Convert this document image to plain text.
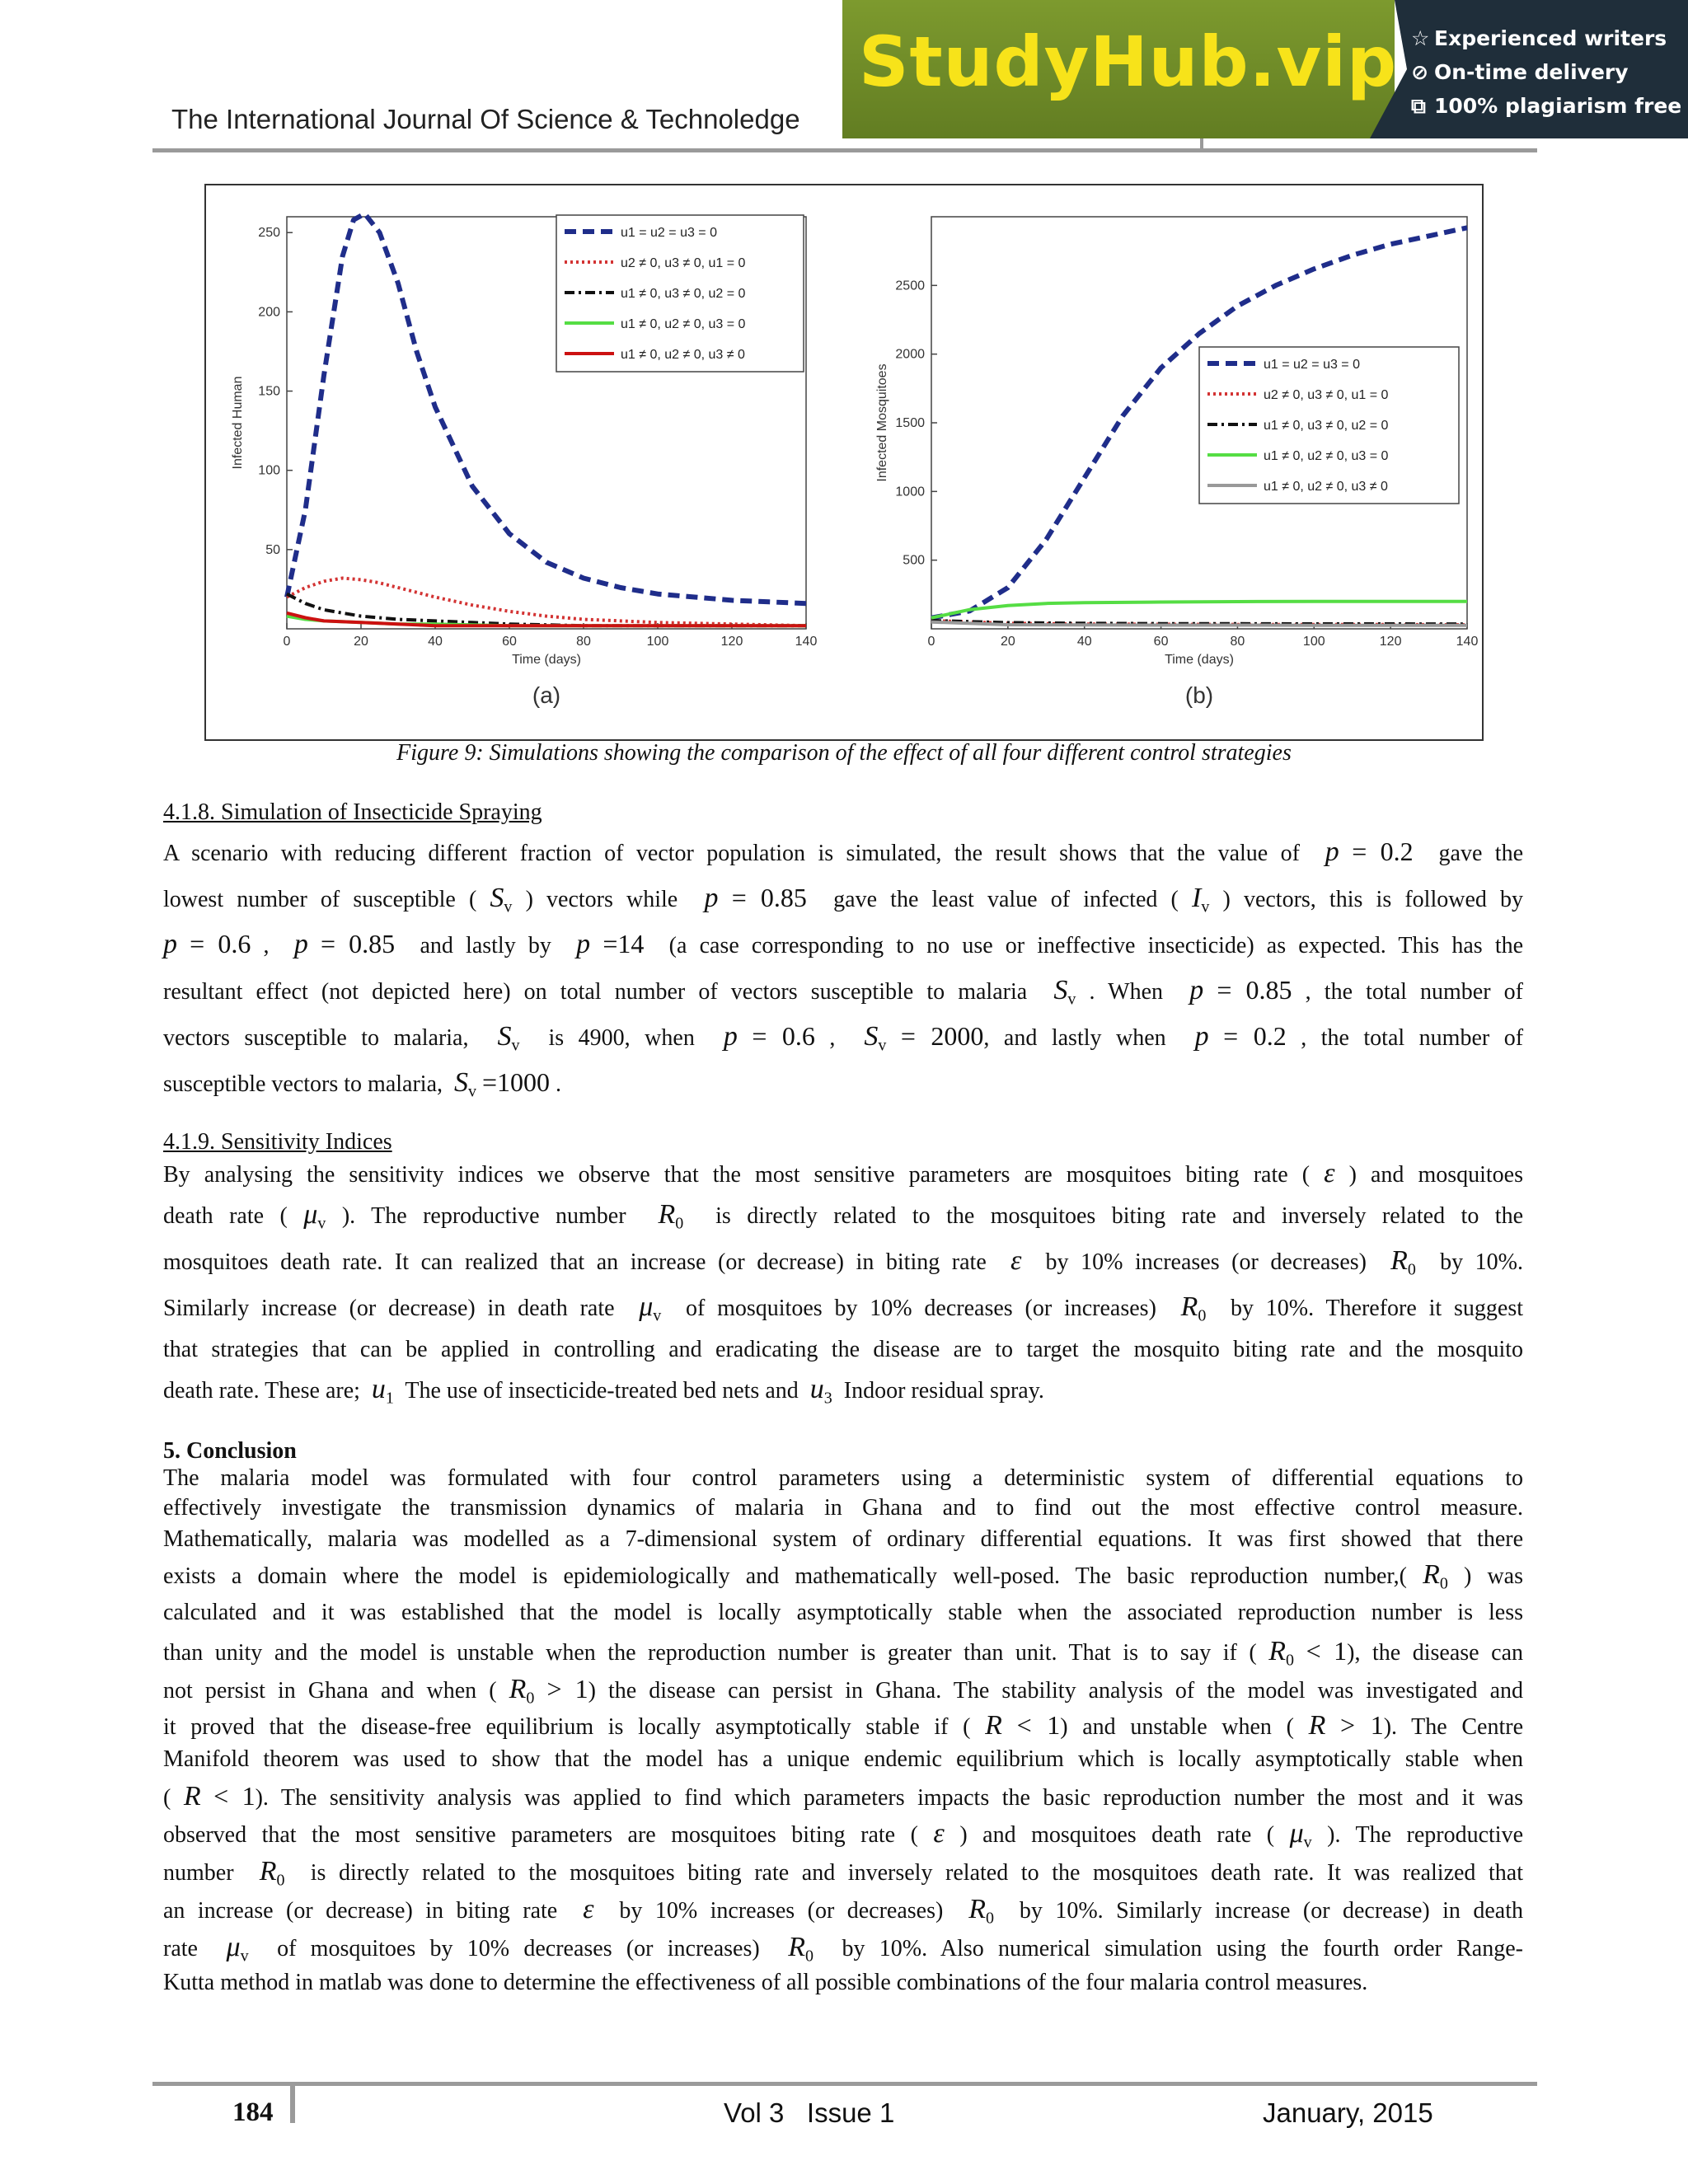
The International Journal Of Science & Technoledge
StudyHub.vip ☆ Experienced writers
⊘ On-time delivery
⧉ 100% plagiarism free
0	20	40	60	80	100	120	140
50
100
150
200
250
Time (days)
Infected Human
(a)
u1 = u2 = u3 = 0
u2 ≠ 0, u3 ≠ 0, u1 = 0
u1 ≠ 0, u3 ≠ 0, u2 = 0
u1 ≠ 0, u2 ≠ 0, u3 = 0
u1 ≠ 0, u2 ≠ 0, u3 ≠ 0
0	20	40	60	80	100	120	140
500
1000
1500
2000
2500
Time (days)
Infected Mosquitoes
(b)
u1 = u2 = u3 = 0
u2 ≠ 0, u3 ≠ 0, u1 = 0
u1 ≠ 0, u3 ≠ 0, u2 = 0
u1 ≠ 0, u2 ≠ 0, u3 = 0
u1 ≠ 0, u2 ≠ 0, u3 ≠ 0
Figure 9: Simulations showing the comparison of the effect of all four different control strategies
4.1.8. Simulation of Insecticide Spraying
A scenario with reducing different fraction of vector population is simulated, the result shows that the value of  p = 0.2  gave the
lowest number of susceptible ( $S_v$ ) vectors while  p = 0.85  gave the least value of infected ( $I_v$ ) vectors, this is followed by
p = 0.6 ,  p = 0.85  and lastly by  p =14  (a case corresponding to no use or ineffective insecticide) as expected. This has the
resultant effect (not depicted here) on total number of vectors susceptible to malaria  $S_v$ . When  p = 0.85 , the total number of
vectors susceptible to malaria,  $S_v$  is 4900, when  p = 0.6 ,  $S_v = 2000$, and lastly when  p = 0.2 , the total number of
susceptible vectors to malaria,  $S_v =1000$ .
4.1.9. Sensitivity Indices
By analysing the sensitivity indices we observe that the most sensitive parameters are mosquitoes biting rate ( ε ) and mosquitoes
death rate ( $\mu_v$ ). The reproductive number  $R_0$  is directly related to the mosquitoes biting rate and inversely related to the
mosquitoes death rate. It can realized that an increase (or decrease) in biting rate  ε  by 10% increases (or decreases)  $R_0$  by 10%.
Similarly increase (or decrease) in death rate  $\mu_v$  of mosquitoes by 10% decreases (or increases)  $R_0$  by 10%. Therefore it suggest
that strategies that can be applied in controlling and eradicating the disease are to target the mosquito biting rate and the mosquito
death rate. These are;  $u_1$  The use of insecticide-treated bed nets and  $u_3$  Indoor residual spray.
5. Conclusion
The malaria model was formulated with four control parameters using a deterministic system of differential equations to
effectively investigate the transmission dynamics of malaria in Ghana and to find out the most effective control measure.
Mathematically, malaria was modelled as a 7-dimensional system of ordinary differential equations. It was first showed that there
exists a domain where the model is epidemiologically and mathematically well-posed. The basic reproduction number,( $R_0$ ) was
calculated and it was established that the model is locally asymptotically stable when the associated reproduction number is less
than unity and the model is unstable when the reproduction number is greater than unit. That is to say if ( $R_0 < 1$), the disease can
not persist in Ghana and when ( $R_0 > 1$) the disease can persist in Ghana. The stability analysis of the model was investigated and
it proved that the disease-free equilibrium is locally asymptotically stable if ( R < 1) and unstable when ( R > 1). The Centre
Manifold theorem was used to show that the model has a unique endemic equilibrium which is locally asymptotically stable when
( R < 1). The sensitivity analysis was applied to find which parameters impacts the basic reproduction number the most and it was
observed that the most sensitive parameters are mosquitoes biting rate ( ε ) and mosquitoes death rate ( $\mu_v$ ). The reproductive
number  $R_0$  is directly related to the mosquitoes biting rate and inversely related to the mosquitoes death rate. It was realized that
an increase (or decrease) in biting rate  ε  by 10% increases (or decreases)  $R_0$  by 10%. Similarly increase (or decrease) in death
rate  $\mu_v$  of mosquitoes by 10% decreases (or increases)  $R_0$  by 10%. Also numerical simulation using the fourth order Range-
Kutta method in matlab was done to determine the effectiveness of all possible combinations of the four malaria control measures.
184	Vol 3   Issue 1	January, 2015
